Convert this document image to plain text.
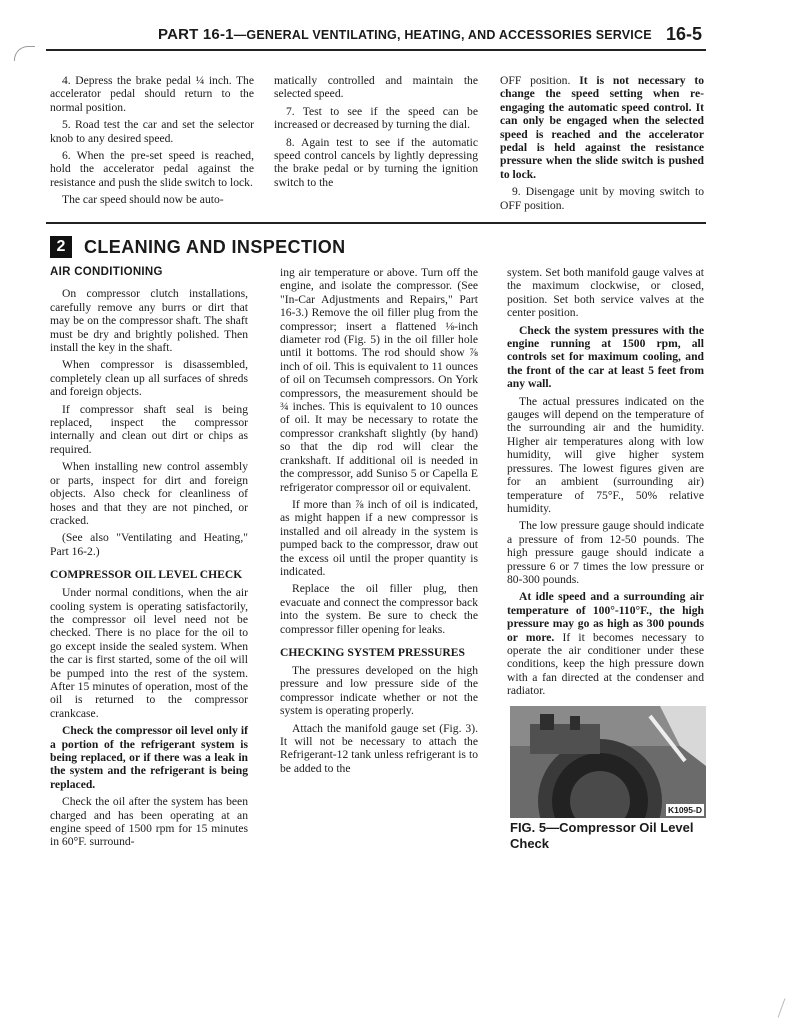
PART 16-1—GENERAL VENTILATING, HEATING, AND ACCESSORIES SERVICE 16-5

4. Depress the brake pedal ¼ inch. The accelerator pedal should return to the normal position.

5. Road test the car and set the selector knob to any desired speed.

6. When the pre-set speed is reached, hold the accelerator pedal against the resistance and push the slide switch to lock.

The car speed should now be auto-

matically controlled and maintain the selected speed.

7. Test to see if the speed can be increased or decreased by turning the dial.

8. Again test to see if the automatic speed control cancels by lightly depressing the brake pedal or by turning the ignition switch to the

OFF position. It is not necessary to change the speed setting when re-engaging the automatic speed control. It can only be engaged when the selected speed is reached and the accelerator pedal is held against the resistance pressure when the slide switch is pushed to lock.

9. Disengage unit by moving switch to OFF position.

2 CLEANING AND INSPECTION
AIR CONDITIONING

On compressor clutch installations, carefully remove any burrs or dirt that may be on the compressor shaft. The shaft must be dry and brightly polished. Then install the key in the shaft.

When compressor is disassembled, completely clean up all surfaces of shreds and foreign objects.

If compressor shaft seal is being replaced, inspect the compressor internally and clean out dirt or chips as required.

When installing new control assembly or parts, inspect for dirt and foreign objects. Also check for cleanliness of hoses and that they are not pinched, or cracked.

(See also "Ventilating and Heating," Part 16-2.)

COMPRESSOR OIL LEVEL CHECK

Under normal conditions, when the air cooling system is operating satisfactorily, the compressor oil level need not be checked. There is no place for the oil to go except inside the sealed system. When the car is first started, some of the oil will be pumped into the rest of the system. After 15 minutes of operation, most of the oil is returned to the compressor crankcase.

Check the compressor oil level only if a portion of the refrigerant system is being replaced, or if there was a leak in the system and the refrigerant is being replaced.

Check the oil after the system has been charged and has been operating at an engine speed of 1500 rpm for 15 minutes in 60°F. surround-

ing air temperature or above. Turn off the engine, and isolate the compressor. (See "In-Car Adjustments and Repairs," Part 16-3.) Remove the oil filler plug from the compressor; insert a flattened ⅛-inch diameter rod (Fig. 5) in the oil filler hole until it bottoms. The rod should show ⅞ inch of oil. This is equivalent to 11 ounces of oil on Tecumseh compressors. On York compressors, the measurement should be ¾ inches. This is equivalent to 10 ounces of oil. It may be necessary to rotate the compressor crankshaft slightly (by hand) so that the dip rod will clear the crankshaft. If additional oil is needed in the compressor, add Suniso 5 or Capella E refrigerator compressor oil or equivalent.

If more than ⅞ inch of oil is indicated, as might happen if a new compressor is installed and oil already in the system is pumped back to the compressor, draw out the excess oil until the proper quantity is indicated.

Replace the oil filler plug, then evacuate and connect the compressor back into the system. Be sure to check the compressor filler opening for leaks.

CHECKING SYSTEM PRESSURES

The pressures developed on the high pressure and low pressure side of the compressor indicate whether or not the system is operating properly.

Attach the manifold gauge set (Fig. 3). It will not be necessary to attach the Refrigerant-12 tank unless refrigerant is to be added to the

system. Set both manifold gauge valves at the maximum clockwise, or closed, position. Set both service valves at the center position.

Check the system pressures with the engine running at 1500 rpm, all controls set for maximum cooling, and the front of the car at least 5 feet from any wall.

The actual pressures indicated on the gauges will depend on the temperature of the surrounding air and the humidity. Higher air temperatures along with low humidity, will give higher system pressures. The lowest figures given are for an ambient (surrounding air) temperature of 75°F., 50% relative humidity.

The low pressure gauge should indicate a pressure of from 12-50 pounds. The high pressure gauge should indicate a pressure 6 or 7 times the low pressure or 80-300 pounds.

At idle speed and a surrounding air temperature of 100°-110°F., the high pressure may go as high as 300 pounds or more. If it becomes necessary to operate the air conditioner under these conditions, keep the high pressure down with a fan directed at the condenser and radiator.

K1095-D
FIG. 5—Compressor Oil Level Check
